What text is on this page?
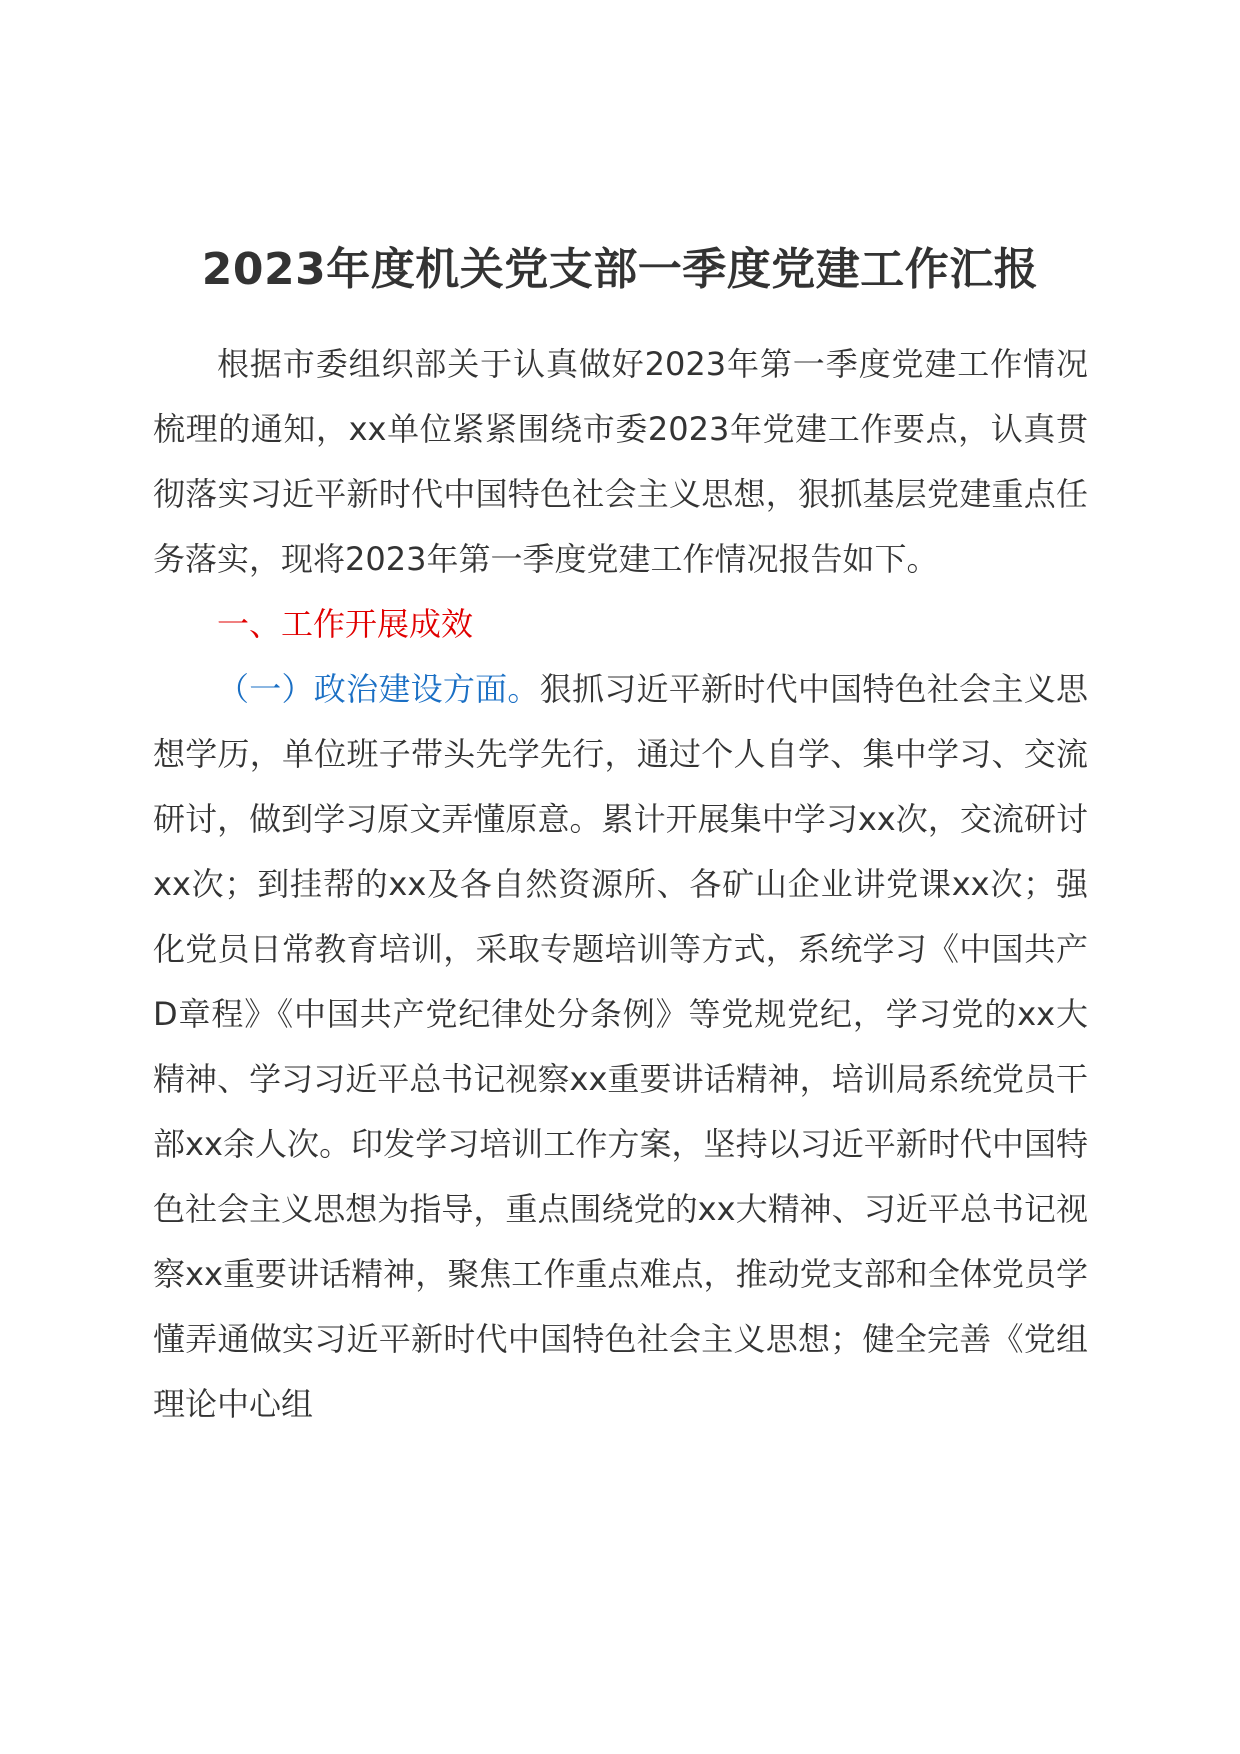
2023年度机关党支部一季度党建工作汇报

根据市委组织部关于认真做好2023年第一季度党建工作情况梳理的通知，xx单位紧紧围绕市委2023年党建工作要点，认真贯彻落实习近平新时代中国特色社会主义思想，狠抓基层党建重点任务落实，现将2023年第一季度党建工作情况报告如下。

一、工作开展成效

（一）政治建设方面。狠抓习近平新时代中国特色社会主义思想学历，单位班子带头先学先行，通过个人自学、集中学习、交流研讨，做到学习原文弄懂原意。累计开展集中学习xx次，交流研讨xx次；到挂帮的xx及各自然资源所、各矿山企业讲党课xx次；强化党员日常教育培训，采取专题培训等方式，系统学习《中国共产D章程》《中国共产党纪律处分条例》等党规党纪，学习党的xx大精神、学习习近平总书记视察xx重要讲话精神，培训局系统党员干部xx余人次。印发学习培训工作方案，坚持以习近平新时代中国特色社会主义思想为指导，重点围绕党的xx大精神、习近平总书记视察xx重要讲话精神，聚焦工作重点难点，推动党支部和全体党员学懂弄通做实习近平新时代中国特色社会主义思想；健全完善《党组理论中心组
